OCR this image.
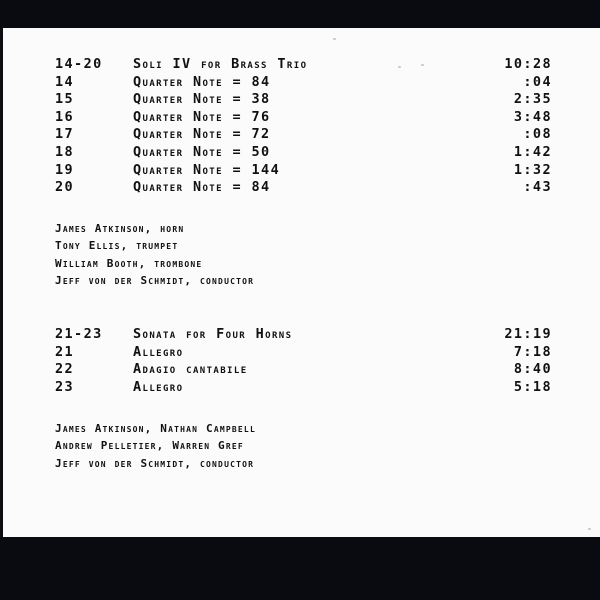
14-20 Soli IV for Brass Trio	10:28
14	Quarter Note = 84	:04
15	Quarter Note = 38	2:35
16	Quarter Note = 76	3:48
17	Quarter Note = 72	:08
18	Quarter Note = 50	1:42
19	Quarter Note = 144	1:32
20	Quarter Note = 84	:43
James Atkinson, horn
Tony Ellis, trumpet
William Booth, trombone
Jeff von der Schmidt, conductor
21-23 Sonata for Four Horns	21:19
21	Allegro	7:18
22	Adagio cantabile	8:40
23	Allegro	5:18
James Atkinson, Nathan Campbell
Andrew Pelletier, Warren Gref
Jeff von der Schmidt, conductor
